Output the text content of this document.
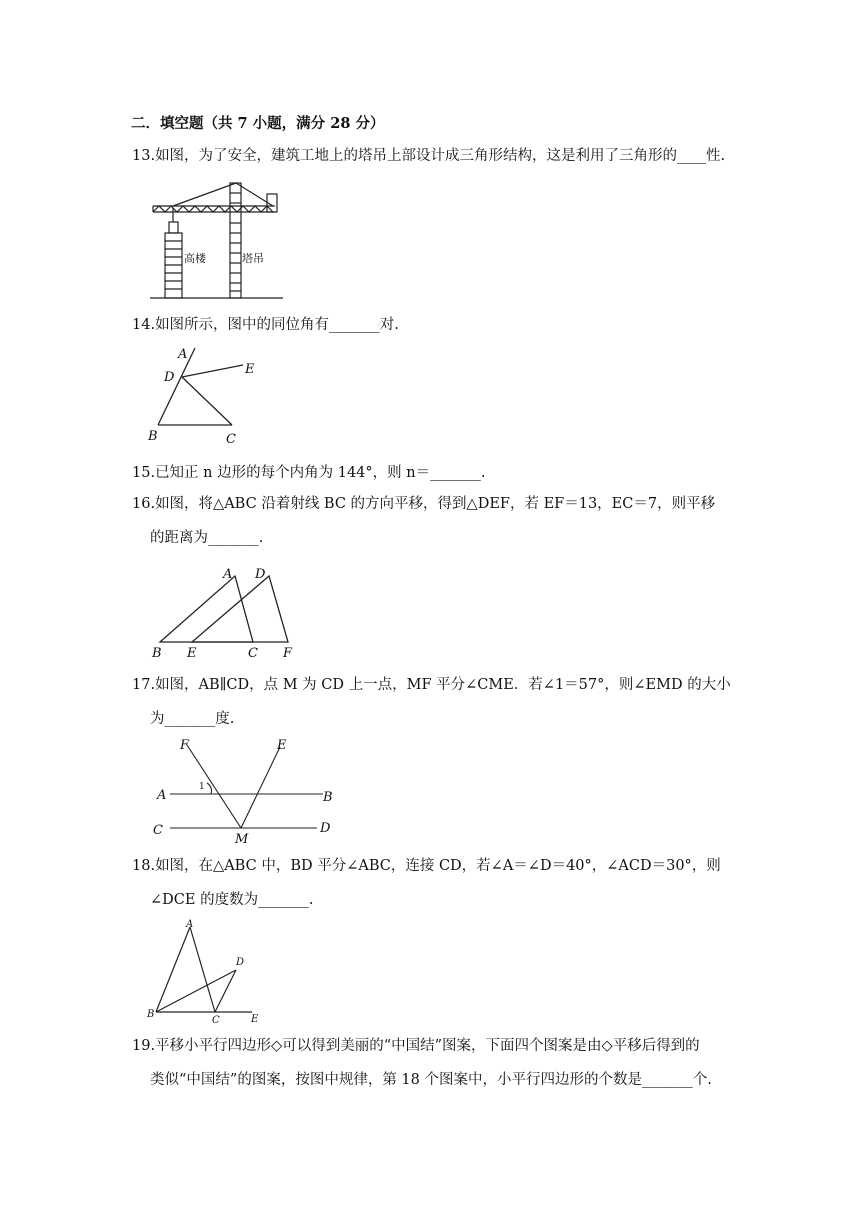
二．填空题（共 7 小题，满分 28 分）
13.如图，为了安全，建筑工地上的塔吊上部设计成三角形结构，这是利用了三角形的____性.
高楼	塔吊
14.如图所示，图中的同位角有_______对.
A
D
E
B	C
15.已知正 n 边形的每个内角为 144°，则 n＝_______.
16.如图，将△ABC 沿着射线 BC 的方向平移，得到△DEF，若 EF＝13，EC＝7，则平移
的距离为_______.
A D
B E	C F
17.如图，AB∥CD，点 M 为 CD 上一点，MF 平分∠CME．若∠1＝57°，则∠EMD 的大小
为_______度.
F	E
1
A	B
C
M
D
18.如图，在△ABC 中，BD 平分∠ABC，连接 CD，若∠A＝∠D＝40°，∠ACD＝30°，则
∠DCE 的度数为_______.
A
D
B
C	E
19.平移小平行四边形◇可以得到美丽的“中国结”图案，下面四个图案是由◇平移后得到的
类似“中国结”的图案，按图中规律，第 18 个图案中，小平行四边形的个数是_______个.
